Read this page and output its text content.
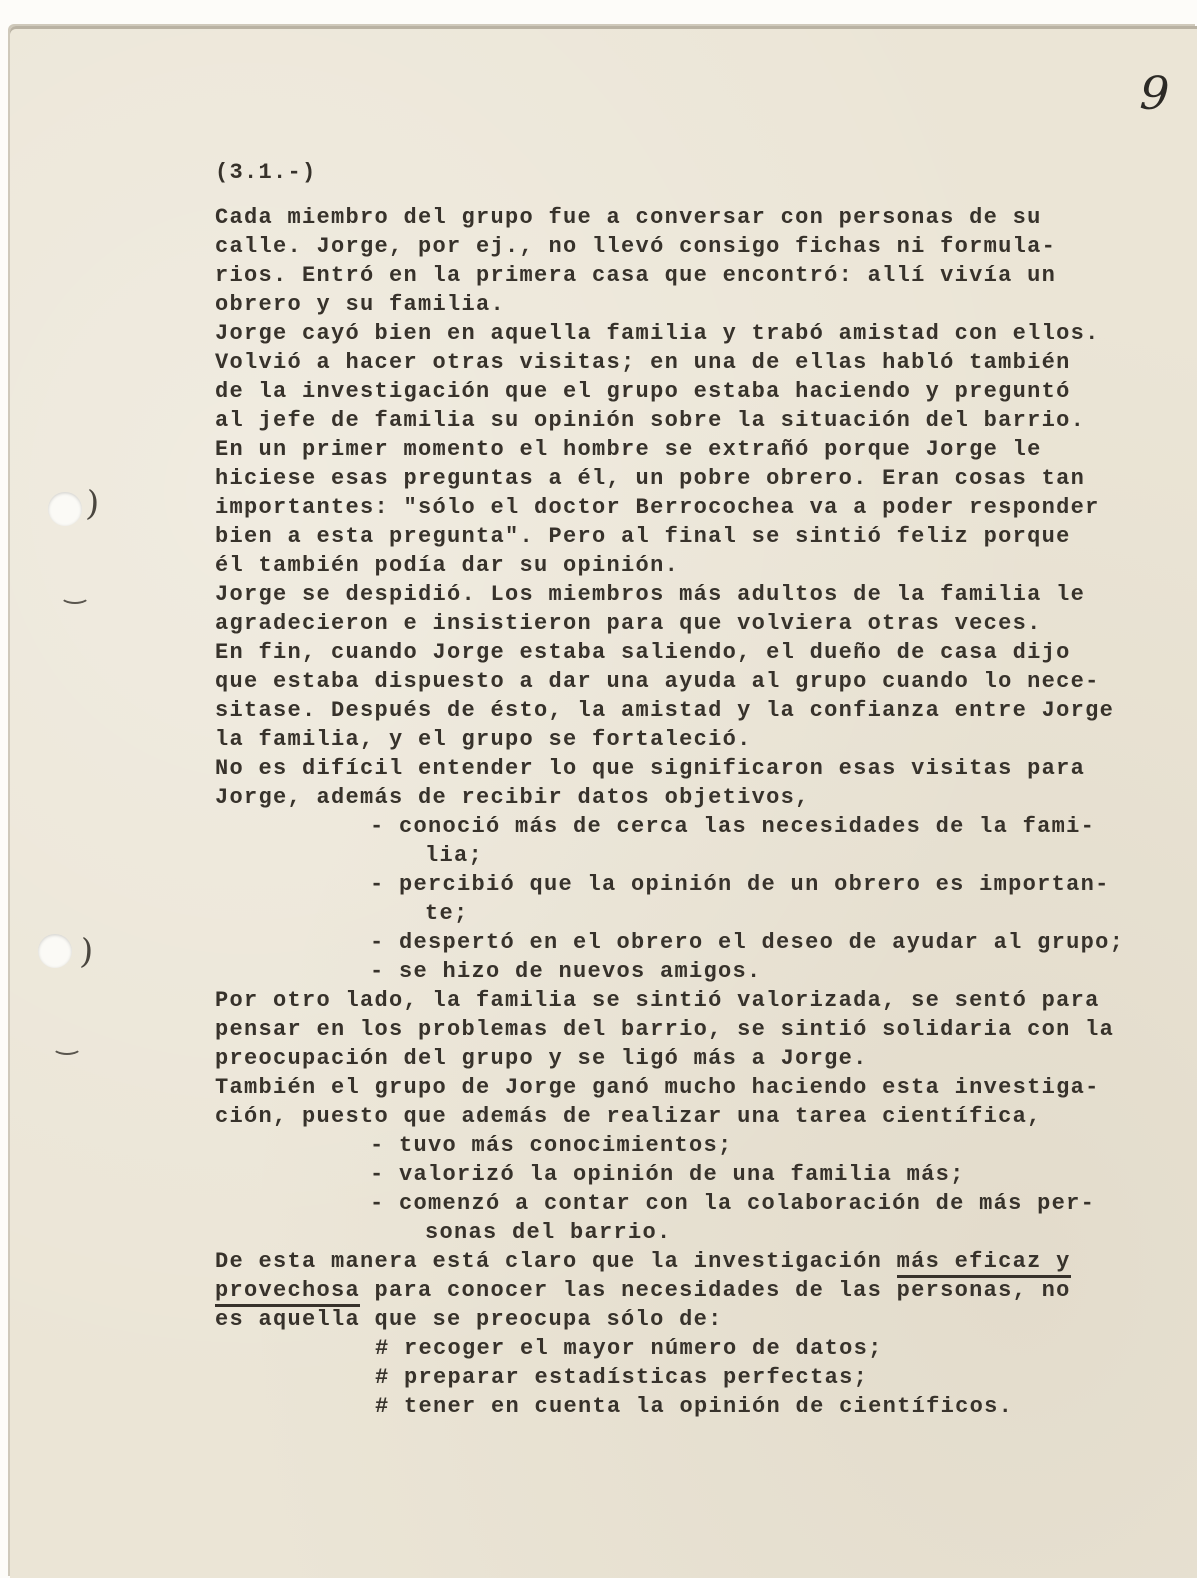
9
)
)
(3.1.-)
Cada miembro del grupo fue a conversar con personas de su
calle. Jorge, por ej., no llevó consigo fichas ni formula-
rios. Entró en la primera casa que encontró: allí vivía un
obrero y su familia.
Jorge cayó bien en aquella familia y trabó amistad con ellos.
Volvió a hacer otras visitas; en una de ellas habló también
de la investigación que el grupo estaba haciendo y preguntó
al jefe de familia su opinión sobre la situación del barrio.
En un primer momento el hombre se extrañó porque Jorge le
hiciese esas preguntas a él, un pobre obrero. Eran cosas tan
importantes: "sólo el doctor Berrocochea va a poder responder
bien a esta pregunta". Pero al final se sintió feliz porque
él también podía dar su opinión.
Jorge se despidió. Los miembros más adultos de la familia le
agradecieron e insistieron para que volviera otras veces.
En fin, cuando Jorge estaba saliendo, el dueño de casa dijo
que estaba dispuesto a dar una ayuda al grupo cuando lo nece-
sitase. Después de ésto, la amistad y la confianza entre Jorge
la familia, y el grupo se fortaleció.
No es difícil entender lo que significaron esas visitas para
Jorge, además de recibir datos objetivos,
- conoció más de cerca las necesidades de la fami-
lia;
- percibió que la opinión de un obrero es importan-
te;
- despertó en el obrero el deseo de ayudar al grupo;
- se hizo de nuevos amigos.
Por otro lado, la familia se sintió valorizada, se sentó para
pensar en los problemas del barrio, se sintió solidaria con la
preocupación del grupo y se ligó más a Jorge.
También el grupo de Jorge ganó mucho haciendo esta investiga-
ción, puesto que además de realizar una tarea científica,
- tuvo más conocimientos;
- valorizó la opinión de una familia más;
- comenzó a contar con la colaboración de más per-
sonas del barrio.
De esta manera está claro que la investigación más eficaz y
provechosa para conocer las necesidades de las personas, no
es aquella que se preocupa sólo de:
# recoger el mayor número de datos;
# preparar estadísticas perfectas;
# tener en cuenta la opinión de científicos.
